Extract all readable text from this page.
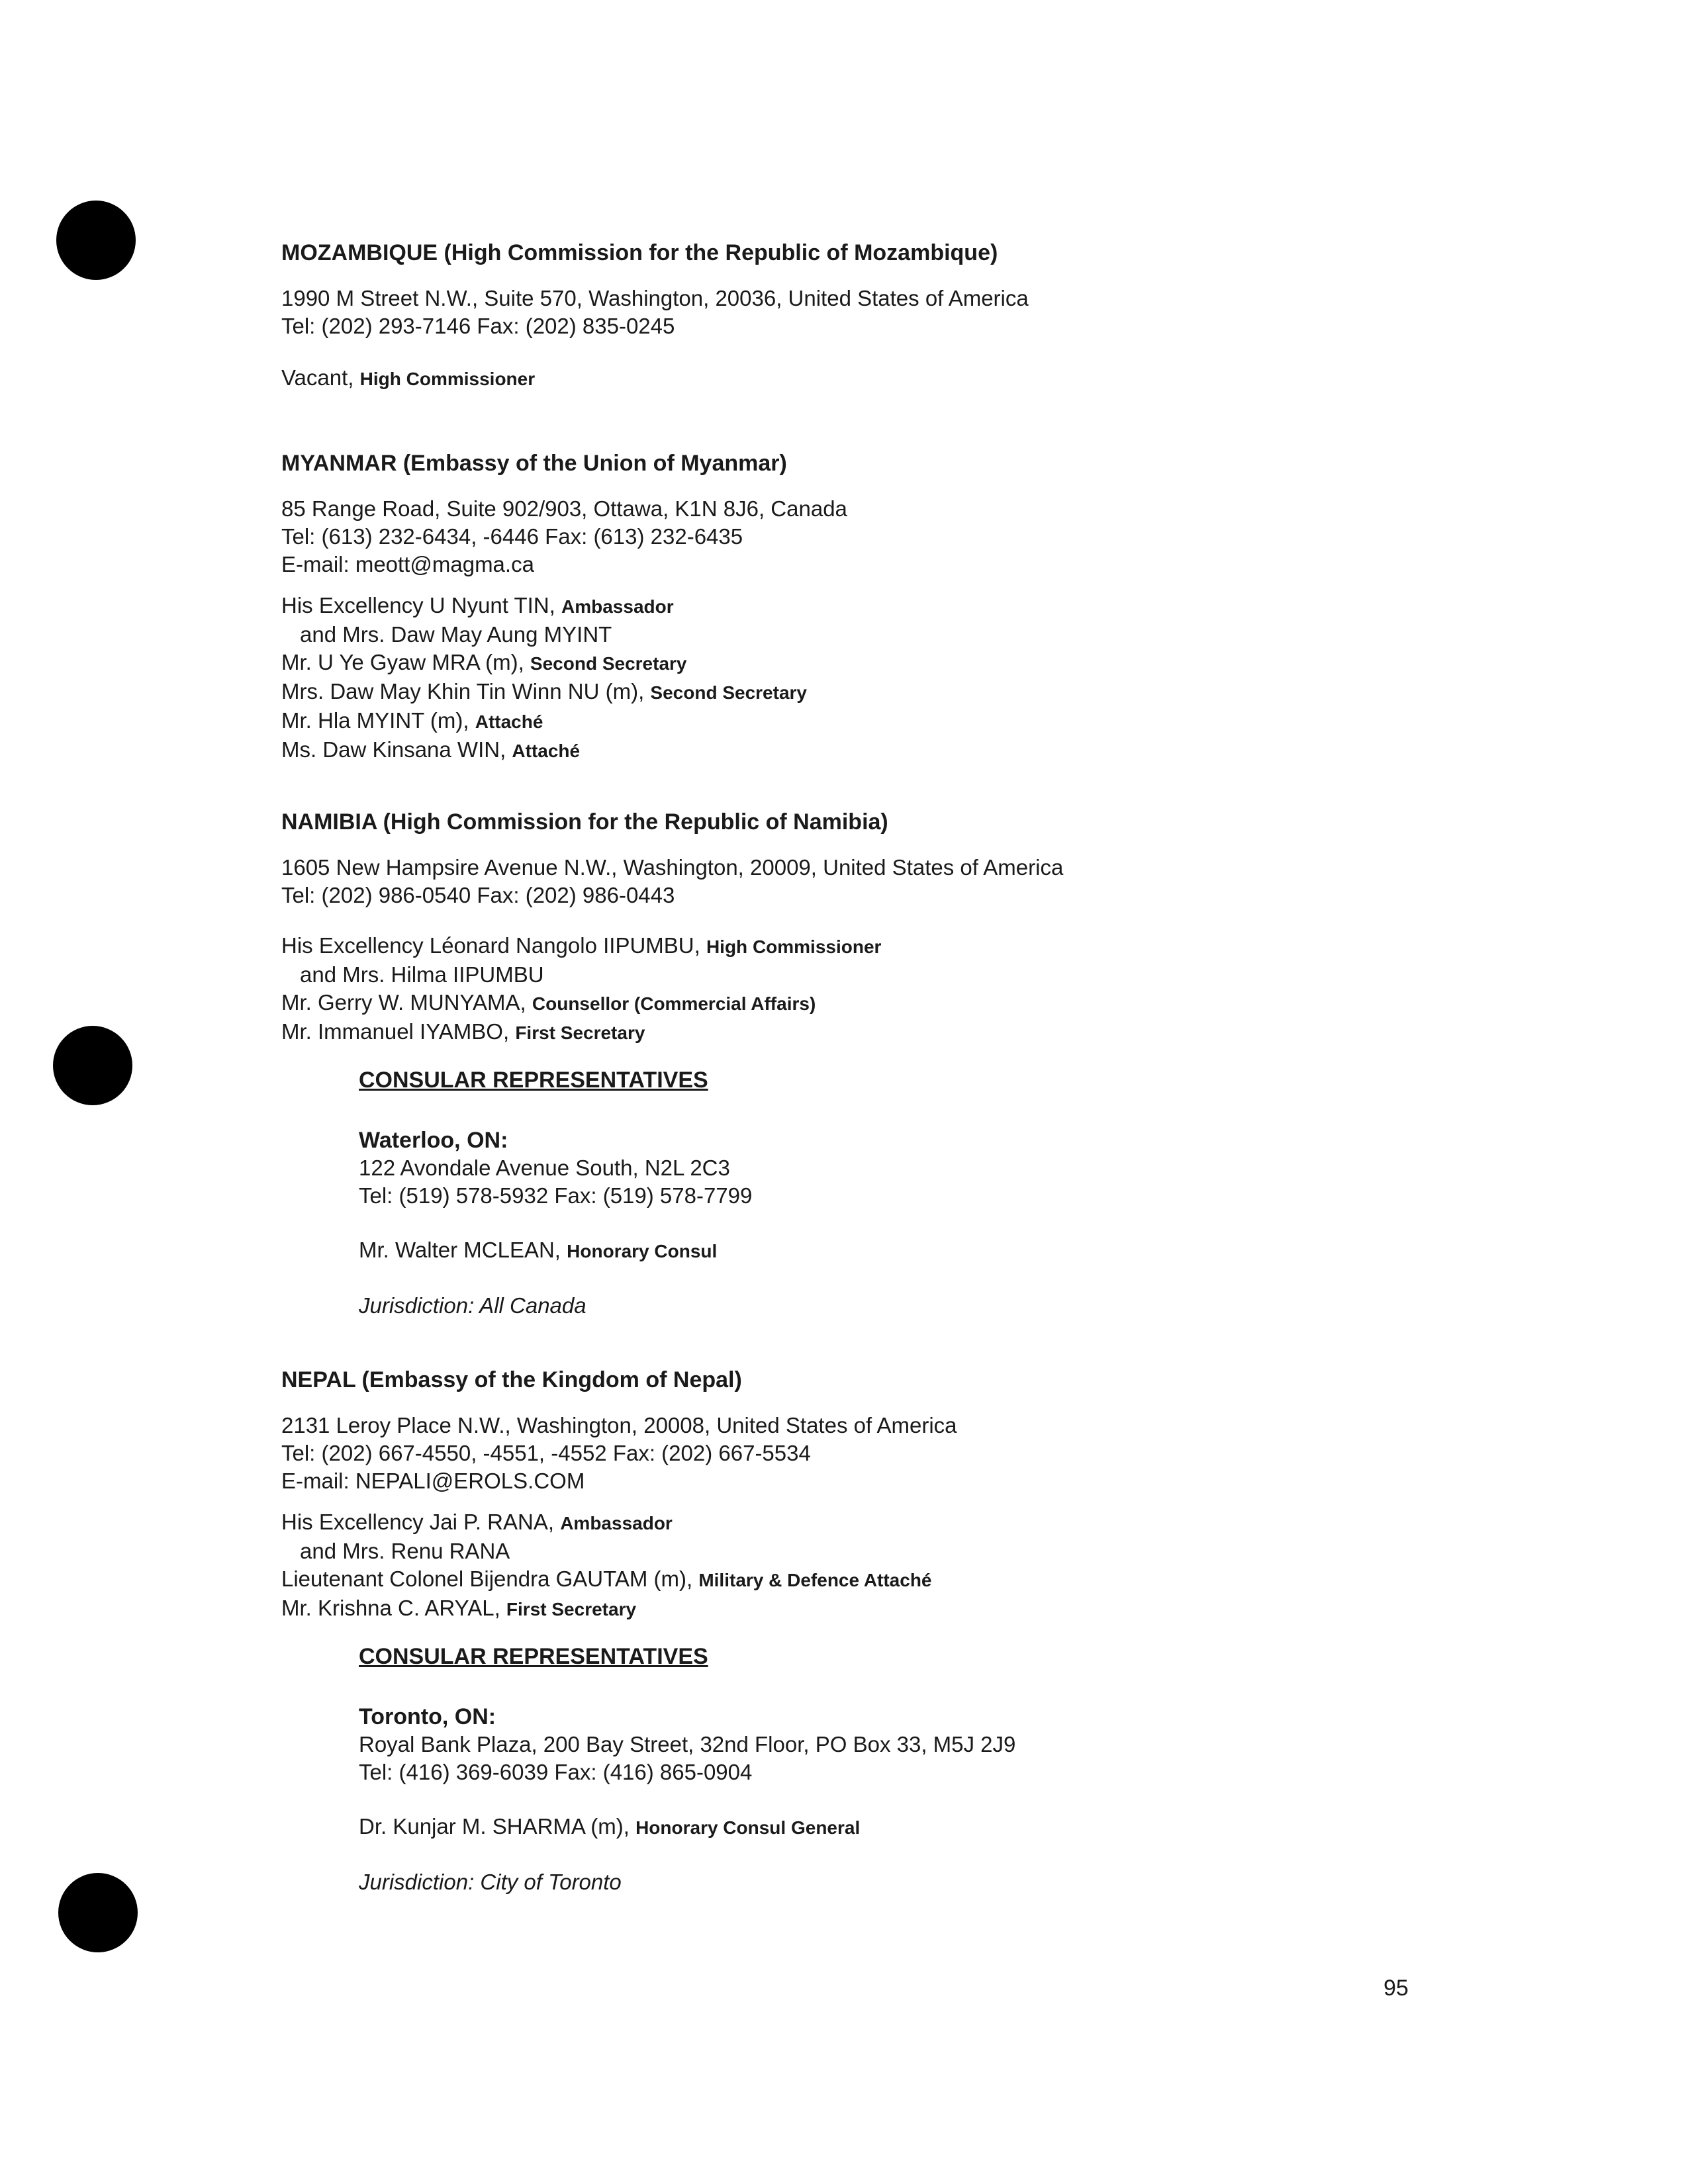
MOZAMBIQUE (High Commission for the Republic of Mozambique)
1990 M Street N.W., Suite 570, Washington, 20036, United States of America
Tel: (202) 293-7146 Fax: (202) 835-0245
Vacant, High Commissioner
MYANMAR (Embassy of the Union of Myanmar)
85 Range Road, Suite 902/903, Ottawa, K1N 8J6, Canada
Tel: (613) 232-6434, -6446 Fax: (613) 232-6435
E-mail: meott@magma.ca
His Excellency U Nyunt TIN, Ambassador
and Mrs. Daw May Aung MYINT
Mr. U Ye Gyaw MRA (m), Second Secretary
Mrs. Daw May Khin Tin Winn NU (m), Second Secretary
Mr. Hla MYINT (m), Attaché
Ms. Daw Kinsana WIN, Attaché
NAMIBIA (High Commission for the Republic of Namibia)
1605 New Hampsire Avenue N.W., Washington, 20009, United States of America
Tel: (202) 986-0540 Fax: (202) 986-0443
His Excellency Léonard Nangolo IIPUMBU, High Commissioner
and Mrs. Hilma IIPUMBU
Mr. Gerry W. MUNYAMA, Counsellor (Commercial Affairs)
Mr. Immanuel IYAMBO, First Secretary
CONSULAR REPRESENTATIVES
Waterloo, ON:
122 Avondale Avenue South, N2L 2C3
Tel: (519) 578-5932 Fax: (519) 578-7799
Mr. Walter MCLEAN, Honorary Consul
Jurisdiction: All Canada
NEPAL (Embassy of the Kingdom of Nepal)
2131 Leroy Place N.W., Washington, 20008, United States of America
Tel: (202) 667-4550, -4551, -4552 Fax: (202) 667-5534
E-mail: NEPALI@EROLS.COM
His Excellency Jai P. RANA, Ambassador
and Mrs. Renu RANA
Lieutenant Colonel Bijendra GAUTAM (m), Military & Defence Attaché
Mr. Krishna C. ARYAL, First Secretary
CONSULAR REPRESENTATIVES
Toronto, ON:
Royal Bank Plaza, 200 Bay Street, 32nd Floor, PO Box 33, M5J 2J9
Tel: (416) 369-6039 Fax: (416) 865-0904
Dr. Kunjar M. SHARMA (m), Honorary Consul General
Jurisdiction: City of Toronto
95
